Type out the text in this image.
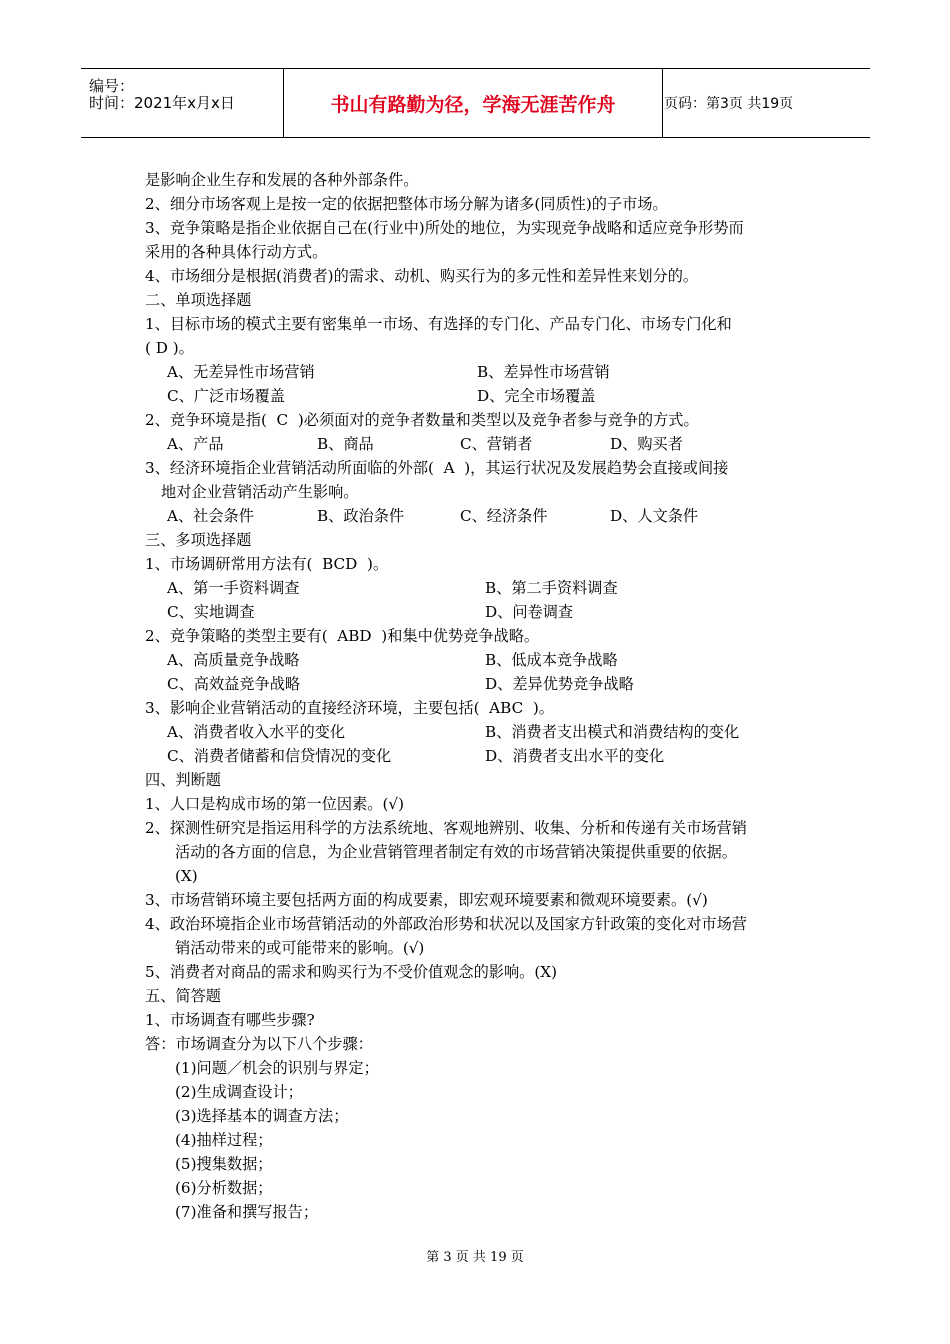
编号：
时间：2021年x月x日	书山有路勤为径，学海无涯苦作舟	页码：第3页 共19页
是影响企业生存和发展的各种外部条件。
2、细分市场客观上是按一定的依据把整体市场分解为诸多(同质性)的子市场。
3、竞争策略是指企业依据自己在(行业中)所处的地位，为实现竞争战略和适应竞争形势而
采用的各种具体行动方式。
4、市场细分是根据(消费者)的需求、动机、购买行为的多元性和差异性来划分的。
二、单项选择题
1、目标市场的模式主要有密集单一市场、有选择的专门化、产品专门化、市场专门化和
( D )。
A、无差异性市场营销	B、差异性市场营销
C、广泛市场覆盖	D、完全市场覆盖
2、竞争环境是指(  C  )必须面对的竞争者数量和类型以及竞争者参与竞争的方式。
A、产品	B、商品	C、营销者	D、购买者
3、经济环境指企业营销活动所面临的外部(  A  )，其运行状况及发展趋势会直接或间接
地对企业营销活动产生影响。
A、社会条件	B、政治条件	C、经济条件	D、人文条件
三、多项选择题
1、市场调研常用方法有(  BCD  )。
A、第一手资料调查	B、第二手资料调查
C、实地调查	D、问卷调查
2、竞争策略的类型主要有(  ABD  )和集中优势竞争战略。
A、高质量竞争战略	B、低成本竞争战略
C、高效益竞争战略	D、差异优势竞争战略
3、影响企业营销活动的直接经济环境，主要包括(  ABC  )。
A、消费者收入水平的变化	B、消费者支出模式和消费结构的变化
C、消费者储蓄和信贷情况的变化	D、消费者支出水平的变化
四、判断题
1、人口是构成市场的第一位因素。(√)
2、探测性研究是指运用科学的方法系统地、客观地辨别、收集、分析和传递有关市场营销
活动的各方面的信息，为企业营销管理者制定有效的市场营销决策提供重要的依据。
(X)
3、市场营销环境主要包括两方面的构成要素，即宏观环境要素和微观环境要素。(√)
4、政治环境指企业市场营销活动的外部政治形势和状况以及国家方针政策的变化对市场营
销活动带来的或可能带来的影响。(√)
5、消费者对商品的需求和购买行为不受价值观念的影响。(X)
五、简答题
1、市场调查有哪些步骤?
答：市场调查分为以下八个步骤：
(1)问题／机会的识别与界定；
(2)生成调查设计；
(3)选择基本的调查方法；
(4)抽样过程；
(5)搜集数据；
(6)分析数据；
(7)准备和撰写报告；
第 3 页 共 19 页
